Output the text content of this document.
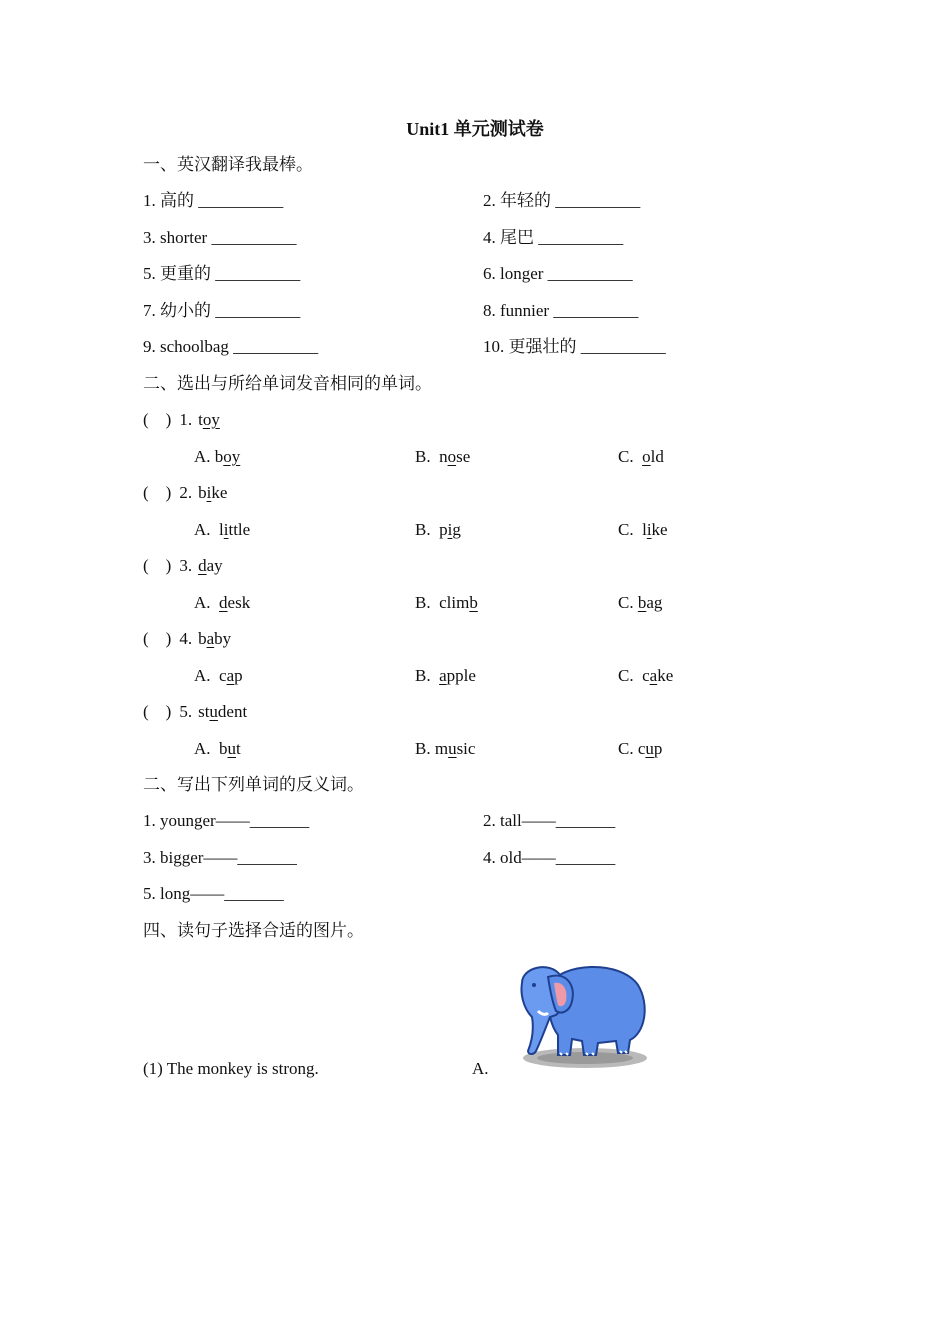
Unit1 单元测试卷
一、英汉翻译我最棒。
1. 高的 __________	2. 年轻的 __________
3. shorter __________	4. 尾巴 __________
5. 更重的 __________	6. longer __________
7. 幼小的 __________	8. funnier __________
9. schoolbag __________	10. 更强壮的 __________
二、选出与所给单词发音相同的单词。
(    ) 1. toy
A. boy	B.  nose	C.  old
(    ) 2. bike
A.  little	B.  pig	C.  like
(    ) 3. day
A.  desk	B.  climb	C. bag
(    ) 4. baby
A.  cap	B.  apple	C.  cake
(    ) 5. student
A.  but	B. music	C. cup
二、写出下列单词的反义词。
1. younger——_______	2. tall——_______
3. bigger——_______	4. old——_______
5. long——_______
四、读句子选择合适的图片。
(1) The monkey is strong.	A.
